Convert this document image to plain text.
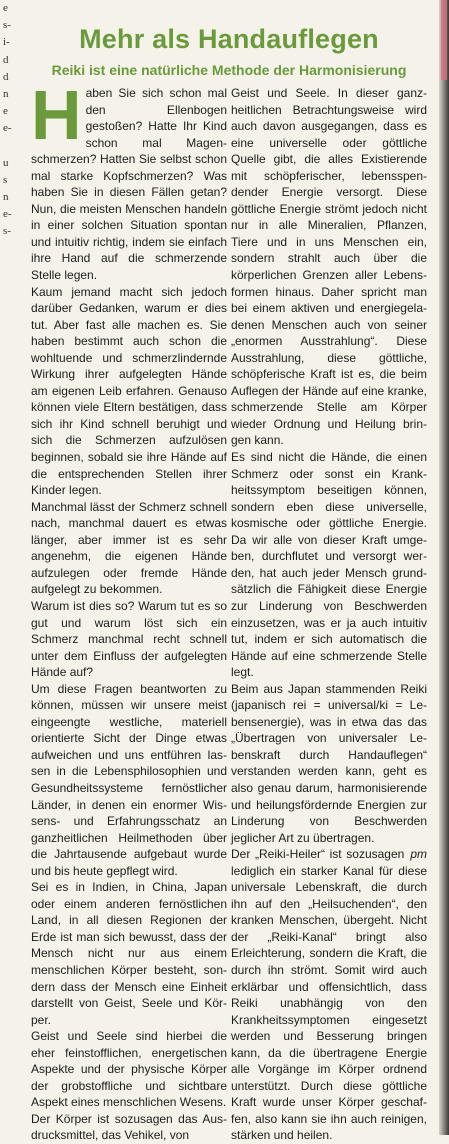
e
s-
i-
d
d
n
e
e-
u
s
n
e-
s-
Mehr als Handauflegen
Reiki ist eine natürliche Methode der Harmonisierung
H aben Sie sich schon mal den Ellenbogen gestoßen? Hatte Ihr Kind schon mal Magenschmerzen? Hatten Sie selbst schon mal starke Kopfschmerzen? Was haben Sie in diesen Fällen getan? Nun, die meisten Menschen handeln in einer solchen Situation spontan und intuitiv richtig, indem sie einfach ihre Hand auf die schmerzende Stelle legen.

Kaum jemand macht sich jedoch darüber Gedanken, warum er dies tut. Aber fast alle machen es. Sie haben bestimmt auch schon die wohltuende und schmerzlindernde Wirkung ihrer aufgelegten Hände am eigenen Leib erfahren. Genauso können viele Eltern bestätigen, dass sich ihr Kind schnell beruhigt und sich die Schmerzen aufzulösen beginnen, sobald sie ihre Hände auf die entsprechenden Stellen ihrer Kinder legen.

Manchmal lässt der Schmerz schnell nach, manchmal dauert es etwas länger, aber immer ist es sehr angenehm, die eigenen Hände aufzulegen oder fremde Hände aufgelegt zu bekommen.

Warum ist dies so? Warum tut es so gut und warum löst sich ein Schmerz manchmal recht schnell unter dem Einfluss der aufgelegten Hände auf?

Um diese Fragen beantworten zu können, müssen wir unsere meist eingeengte westliche, materiell orientierte Sicht der Dinge etwas aufweichen und uns entführen lassen in die Lebensphilosophien und Gesundheitssysteme fernöstlicher Länder, in denen ein enormer Wissens- und Erfahrungsschatz an ganzheitlichen Heilmethoden über die Jahrtausende aufgebaut wurde und bis heute gepflegt wird.

Sei es in Indien, in China, Japan oder einem anderen fernöstlichen Land, in all diesen Regionen der Erde ist man sich bewusst, dass der Mensch nicht nur aus einem menschlichen Körper besteht, sondern dass der Mensch eine Einheit darstellt von Geist, Seele und Körper.

Geist und Seele sind hierbei die eher feinstofflichen, energetischen Aspekte und der physische Körper der grobstoffliche und sichtbare Aspekt eines menschlichen Wesens.

Der Körper ist sozusagen das Ausdrucksmittel, das Vehikel, von

Geist und Seele. In dieser ganzheitlichen Betrachtungsweise wird auch davon ausgegangen, dass es eine universelle oder göttliche Quelle gibt, die alles Existierende mit schöpferischer, lebensspendender Energie versorgt. Diese göttliche Energie strömt jedoch nicht nur in alle Mineralien, Pflanzen, Tiere und in uns Menschen ein, sondern strahlt auch über die körperlichen Grenzen aller Lebensformen hinaus. Daher spricht man bei einem aktiven und energiegeladenen Menschen auch von seiner „enormen Ausstrahlung“. Diese Ausstrahlung, diese göttliche, schöpferische Kraft ist es, die beim Auflegen der Hände auf eine kranke, schmerzende Stelle am Körper wieder Ordnung und Heilung bringen kann.

Es sind nicht die Hände, die einen Schmerz oder sonst ein Krankheitssymptom beseitigen können, sondern eben diese universelle, kosmische oder göttliche Energie. Da wir alle von dieser Kraft umgeben, durchflutet und versorgt werden, hat auch jeder Mensch grundsätzlich die Fähigkeit diese Energie zur Linderung von Beschwerden einzusetzen, was er ja auch intuitiv tut, indem er sich automatisch die Hände auf eine schmerzende Stelle legt.

Beim aus Japan stammenden Reiki (japanisch rei = universal/ki = Lebensenergie), was in etwa das das „Übertragen von universaler Lebenskraft durch Handauflegen“ verstanden werden kann, geht es also genau darum, harmonisierende und heilungsfördernde Energien zur Linderung von Beschwerden jeglicher Art zu übertragen.

pm
Der „Reiki-Heiler“ ist sozusagen lediglich ein starker Kanal für diese universale Lebenskraft, die durch ihn auf den „Heilsuchenden“, den kranken Menschen, übergeht. Nicht der „Reiki-Kanal“ bringt also Erleichterung, sondern die Kraft, die durch ihn strömt. Somit wird auch erklärbar und offensichtlich, dass Reiki unabhängig von den Krankheitssymptomen eingesetzt werden und Besserung bringen kann, da die übertragene Energie alle Vorgänge im Körper ordnend unterstützt. Durch diese göttliche Kraft wurde unser Körper geschaffen, also kann sie ihn auch reinigen, stärken und heilen.
